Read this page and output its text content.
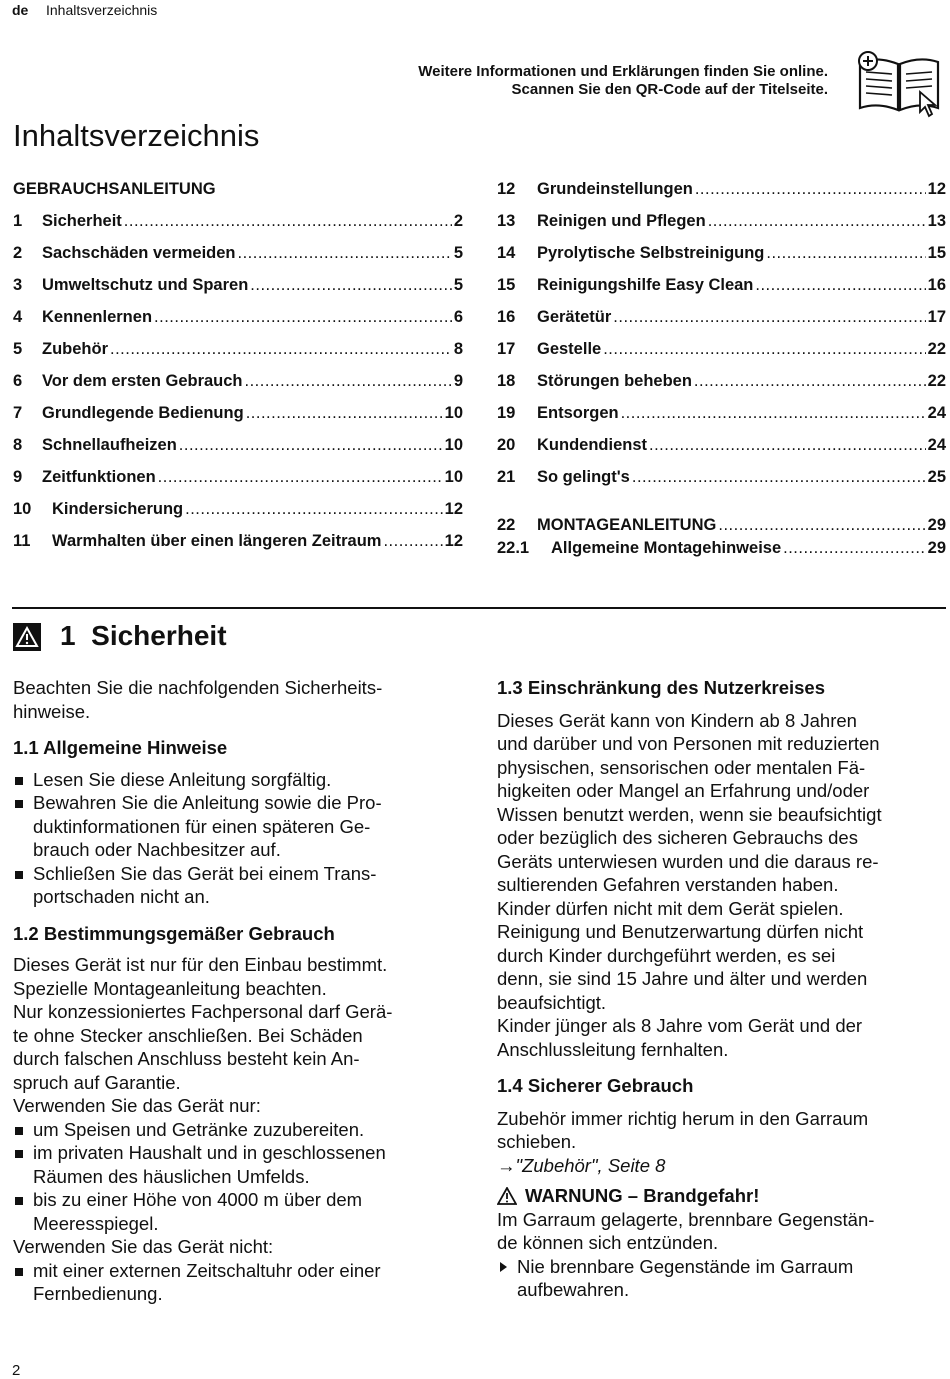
de Inhaltsverzeichnis
Weitere Informationen und Erklärungen finden Sie online.
Scannen Sie den QR-Code auf der Titelseite.
Inhaltsverzeichnis
GEBRAUCHSANLEITUNG
1	Sicherheit .....	2
2	Sachschäden vermeiden .....	5
3	Umweltschutz und Sparen .....	5
4	Kennenlernen .....	6
5	Zubehör .....	8
6	Vor dem ersten Gebrauch .....	9
7	Grundlegende Bedienung .....	10
8	Schnellaufheizen .....	10
9	Zeitfunktionen .....	10
10	Kindersicherung .....	12
11	Warmhalten über einen längeren Zeitraum .....	12
12	Grundeinstellungen .....	12
13	Reinigen und Pflegen .....	13
14	Pyrolytische Selbstreinigung .....	15
15	Reinigungshilfe Easy Clean .....	16
16	Gerätetür .....	17
17	Gestelle .....	22
18	Störungen beheben .....	22
19	Entsorgen .....	24
20	Kundendienst .....	24
21	So gelingt's .....	25
22	MONTAGEANLEITUNG .....	29
22.1	Allgemeine Montagehinweise .....	29
1 Sicherheit

Beachten Sie die nachfolgenden Sicherheits-

hinweise.

1.1 Allgemeine Hinweise
Lesen Sie diese Anleitung sorgfältig.
Bewahren Sie die Anleitung sowie die Pro-
duktinformationen für einen späteren Ge-
brauch oder Nachbesitzer auf.
Schließen Sie das Gerät bei einem Trans-
portschaden nicht an.
1.2 Bestimmungsgemäßer Gebrauch

Dieses Gerät ist nur für den Einbau bestimmt.

Spezielle Montageanleitung beachten.

Nur konzessioniertes Fachpersonal darf Gerä-

te ohne Stecker anschließen. Bei Schäden

durch falschen Anschluss besteht kein An-

spruch auf Garantie.

Verwenden Sie das Gerät nur:

um Speisen und Getränke zuzubereiten.
im privaten Haushalt und in geschlossenen
Räumen des häuslichen Umfelds.
bis zu einer Höhe von 4000 m über dem
Meeresspiegel.

Verwenden Sie das Gerät nicht:

mit einer externen Zeitschaltuhr oder einer
Fernbedienung.
1.3 Einschränkung des Nutzerkreises

Dieses Gerät kann von Kindern ab 8 Jahren

und darüber und von Personen mit reduzierten

physischen, sensorischen oder mentalen Fä-

higkeiten oder Mangel an Erfahrung und/oder

Wissen benutzt werden, wenn sie beaufsichtigt

oder bezüglich des sicheren Gebrauchs des

Geräts unterwiesen wurden und die daraus re-

sultierenden Gefahren verstanden haben.

Kinder dürfen nicht mit dem Gerät spielen.

Reinigung und Benutzerwartung dürfen nicht

durch Kinder durchgeführt werden, es sei

denn, sie sind 15 Jahre und älter und werden

beaufsichtigt.

Kinder jünger als 8 Jahre vom Gerät und der

Anschlussleitung fernhalten.

1.4 Sicherer Gebrauch

Zubehör immer richtig herum in den Garraum

schieben.

→"Zubehör", Seite 8

WARNUNG – Brandgefahr!

Im Garraum gelagerte, brennbare Gegenstän-

de können sich entzünden.

Nie brennbare Gegenstände im Garraum
aufbewahren.
2
